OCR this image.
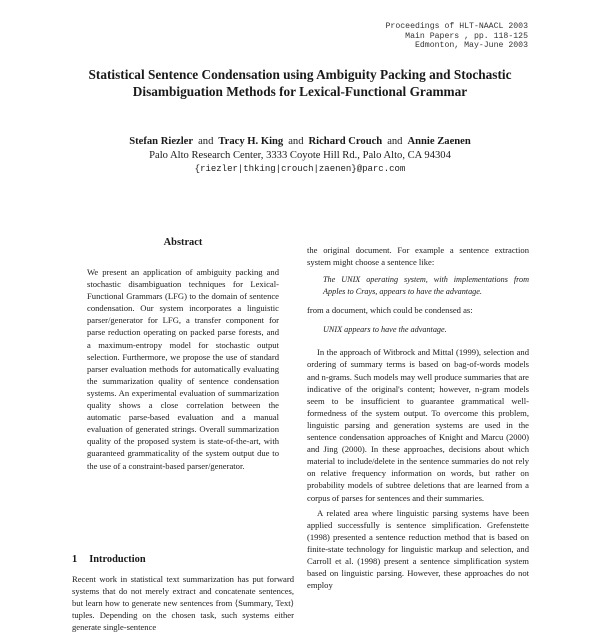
Proceedings of HLT-NAACL 2003
Main Papers , pp. 118-125
Edmonton, May-June 2003
Statistical Sentence Condensation using Ambiguity Packing and Stochastic
Disambiguation Methods for Lexical-Functional Grammar
Stefan Riezler and Tracy H. King and Richard Crouch and Annie Zaenen
Palo Alto Research Center, 3333 Coyote Hill Rd., Palo Alto, CA 94304
{riezler|thking|crouch|zaenen}@parc.com
Abstract
We present an application of ambiguity packing and stochastic disambiguation techniques for Lexical-Functional Grammars (LFG) to the domain of sentence condensation. Our system incorporates a linguistic parser/generator for LFG, a transfer component for parse reduction operating on packed parse forests, and a maximum-entropy model for stochastic output selection. Furthermore, we propose the use of standard parser evaluation methods for automatically evaluating the summarization quality of sentence condensation systems. An experimental evaluation of summarization quality shows a close correlation between the automatic parse-based evaluation and a manual evaluation of generated strings. Overall summarization quality of the proposed system is state-of-the-art, with guaranteed grammaticality of the system output due to the use of a constraint-based parser/generator.
1 Introduction
Recent work in statistical text summarization has put forward systems that do not merely extract and concatenate sentences, but learn how to generate new sentences from ⟨Summary, Text⟩ tuples. Depending on the chosen task, such systems either generate single-sentence

the original document. For example a sentence extraction system might choose a sentence like:

The UNIX operating system, with implementations from Apples to Crays, appears to have the advantage.

from a document, which could be condensed as:

UNIX appears to have the advantage.

In the approach of Witbrock and Mittal (1999), selection and ordering of summary terms is based on bag-of-words models and n-grams. Such models may well produce summaries that are indicative of the original's content; however, n-gram models seem to be insufficient to guarantee grammatical well-formedness of the system output. To overcome this problem, linguistic parsing and generation systems are used in the sentence condensation approaches of Knight and Marcu (2000) and Jing (2000). In these approaches, decisions about which material to include/delete in the sentence summaries do not rely on relative frequency information on words, but rather on probability models of subtree deletions that are learned from a corpus of parses for sentences and their summaries.

A related area where linguistic parsing systems have been applied successfully is sentence simplification. Grefenstette (1998) presented a sentence reduction method that is based on finite-state technology for linguistic markup and selection, and Carroll et al. (1998) present a sentence simplification system based on linguistic parsing. However, these approaches do not employ
